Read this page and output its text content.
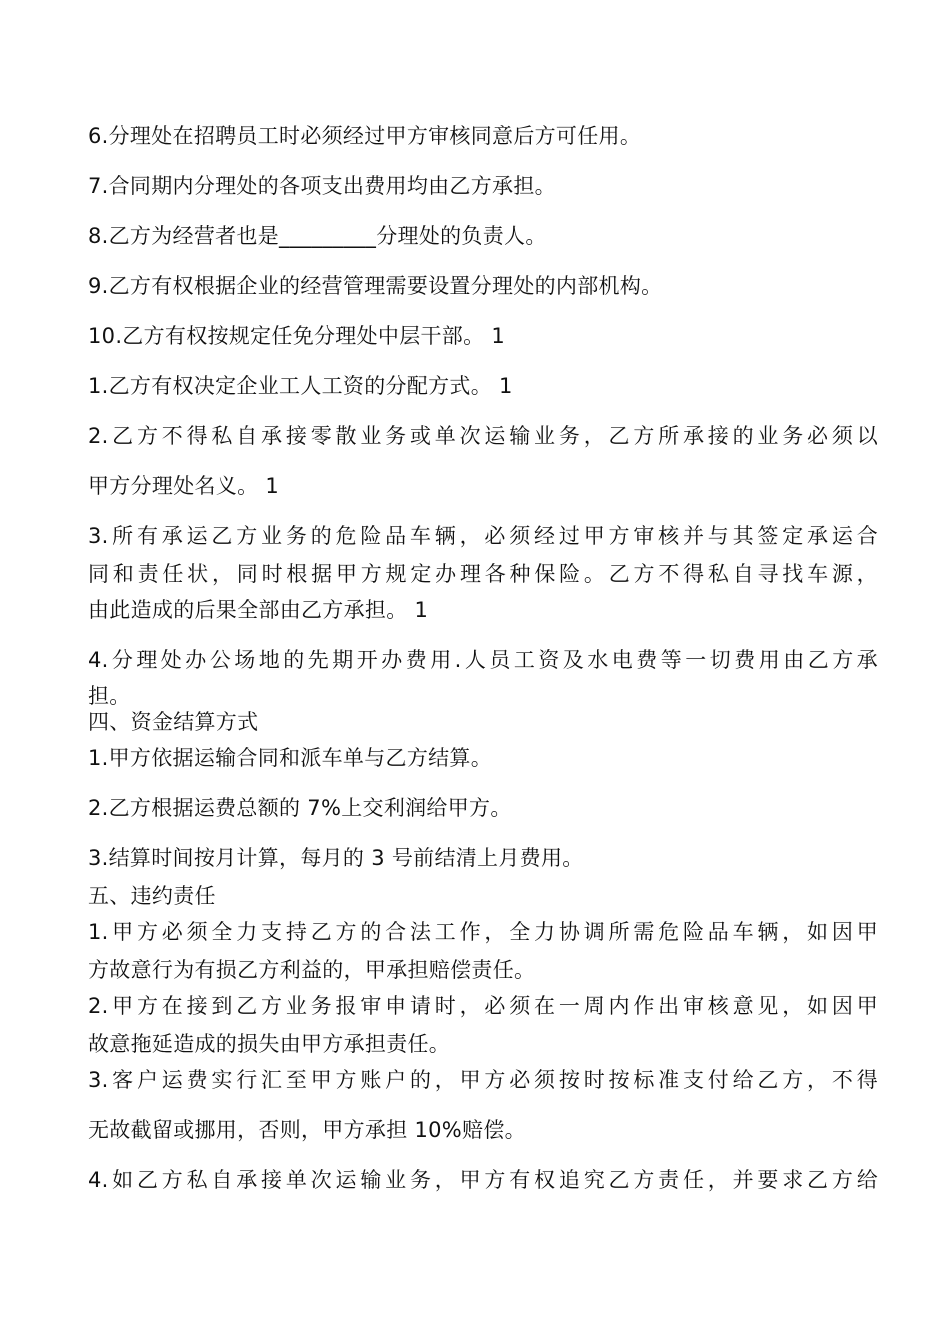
6.分理处在招聘员工时必须经过甲方审核同意后方可任用。
7.合同期内分理处的各项支出费用均由乙方承担。
8.乙方为经营者也是_________分理处的负责人。
9.乙方有权根据企业的经营管理需要设置分理处的内部机构。
10.乙方有权按规定任免分理处中层干部。 1
1.乙方有权决定企业工人工资的分配方式。 1
2.乙方不得私自承接零散业务或单次运输业务，乙方所承接的业务必须以
甲方分理处名义。 1
3.所有承运乙方业务的危险品车辆，必须经过甲方审核并与其签定承运合
同和责任状，同时根据甲方规定办理各种保险。乙方不得私自寻找车源，
由此造成的后果全部由乙方承担。 1
4.分理处办公场地的先期开办费用.人员工资及水电费等一切费用由乙方承
担。
四、资金结算方式
1.甲方依据运输合同和派车单与乙方结算。
2.乙方根据运费总额的 7%上交利润给甲方。
3.结算时间按月计算，每月的 3 号前结清上月费用。
五、违约责任
1.甲方必须全力支持乙方的合法工作，全力协调所需危险品车辆，如因甲
方故意行为有损乙方利益的，甲承担赔偿责任。
2.甲方在接到乙方业务报审申请时，必须在一周内作出审核意见，如因甲
故意拖延造成的损失由甲方承担责任。
3.客户运费实行汇至甲方账户的，甲方必须按时按标准支付给乙方，不得
无故截留或挪用，否则，甲方承担 10%赔偿。
4.如乙方私自承接单次运输业务，甲方有权追究乙方责任，并要求乙方给
